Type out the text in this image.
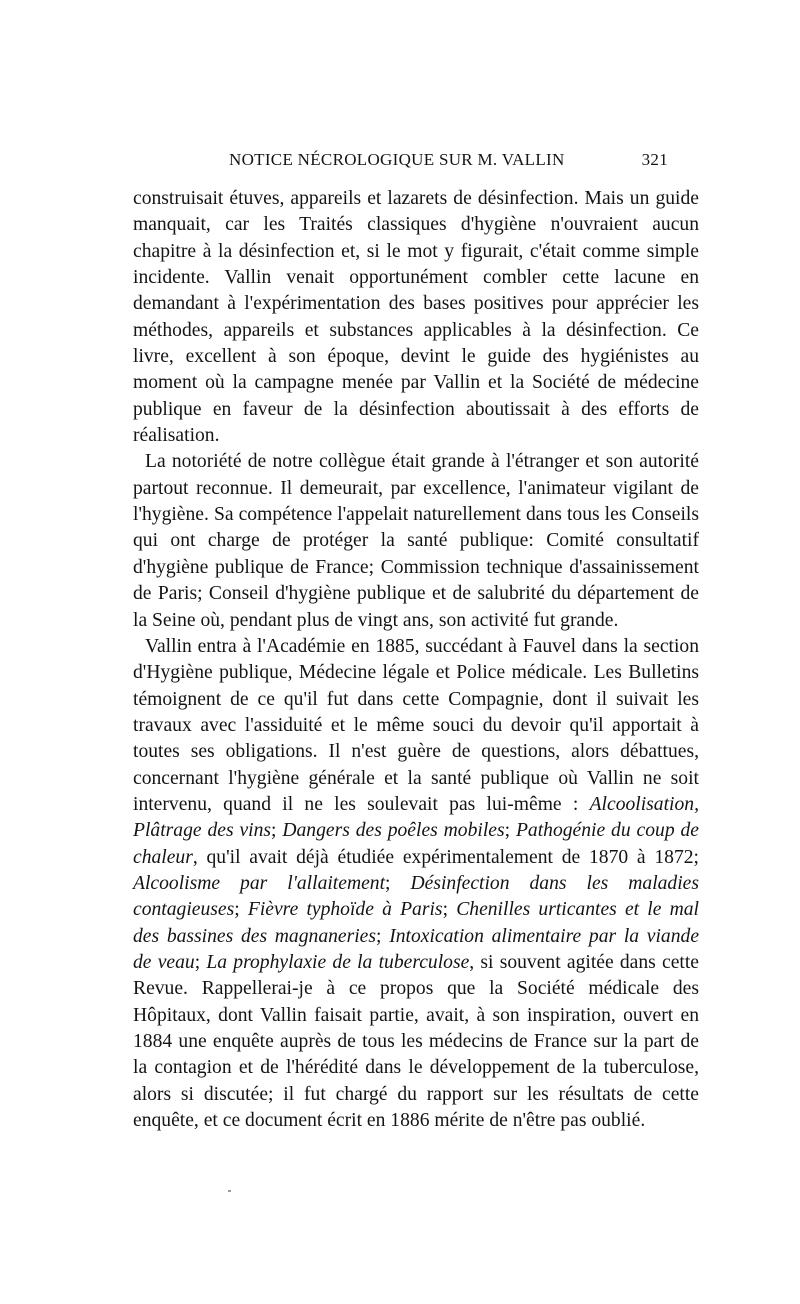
NOTICE NÉCROLOGIQUE SUR M. VALLIN	321

construisait étuves, appareils et lazarets de désinfection. Mais un guide manquait, car les Traités classiques d'hygiène n'ouvraient aucun chapitre à la désinfection et, si le mot y figurait, c'était comme simple incidente. Vallin venait opportunément combler cette lacune en demandant à l'expérimentation des bases positives pour apprécier les méthodes, appareils et substances applicables à la désinfection. Ce livre, excellent à son époque, devint le guide des hygiénistes au moment où la campagne menée par Vallin et la Société de médecine publique en faveur de la désinfection aboutissait à des efforts de réalisation.

La notoriété de notre collègue était grande à l'étranger et son autorité partout reconnue. Il demeurait, par excellence, l'animateur vigilant de l'hygiène. Sa compétence l'appelait naturellement dans tous les Conseils qui ont charge de protéger la santé publique: Comité consultatif d'hygiène publique de France; Commission technique d'assainissement de Paris; Conseil d'hygiène publique et de salubrité du département de la Seine où, pendant plus de vingt ans, son activité fut grande.

Vallin entra à l'Académie en 1885, succédant à Fauvel dans la section d'Hygiène publique, Médecine légale et Police médicale. Les Bulletins témoignent de ce qu'il fut dans cette Compagnie, dont il suivait les travaux avec l'assiduité et le même souci du devoir qu'il apportait à toutes ses obligations. Il n'est guère de questions, alors débattues, concernant l'hygiène générale et la santé publique où Vallin ne soit intervenu, quand il ne les soulevait pas lui-même : Alcoolisation, Plâtrage des vins; Dangers des poêles mobiles; Pathogénie du coup de chaleur, qu'il avait déjà étudiée expérimentalement de 1870 à 1872; Alcoolisme par l'allaitement; Désinfection dans les maladies contagieuses; Fièvre typhoïde à Paris; Chenilles urticantes et le mal des bassines des magnaneries; Intoxication alimentaire par la viande de veau; La prophylaxie de la tuberculose, si souvent agitée dans cette Revue. Rappellerai-je à ce propos que la Société médicale des Hôpitaux, dont Vallin faisait partie, avait, à son inspiration, ouvert en 1884 une enquête auprès de tous les médecins de France sur la part de la contagion et de l'hérédité dans le développement de la tuberculose, alors si discutée; il fut chargé du rapport sur les résultats de cette enquête, et ce document écrit en 1886 mérite de n'être pas oublié.
